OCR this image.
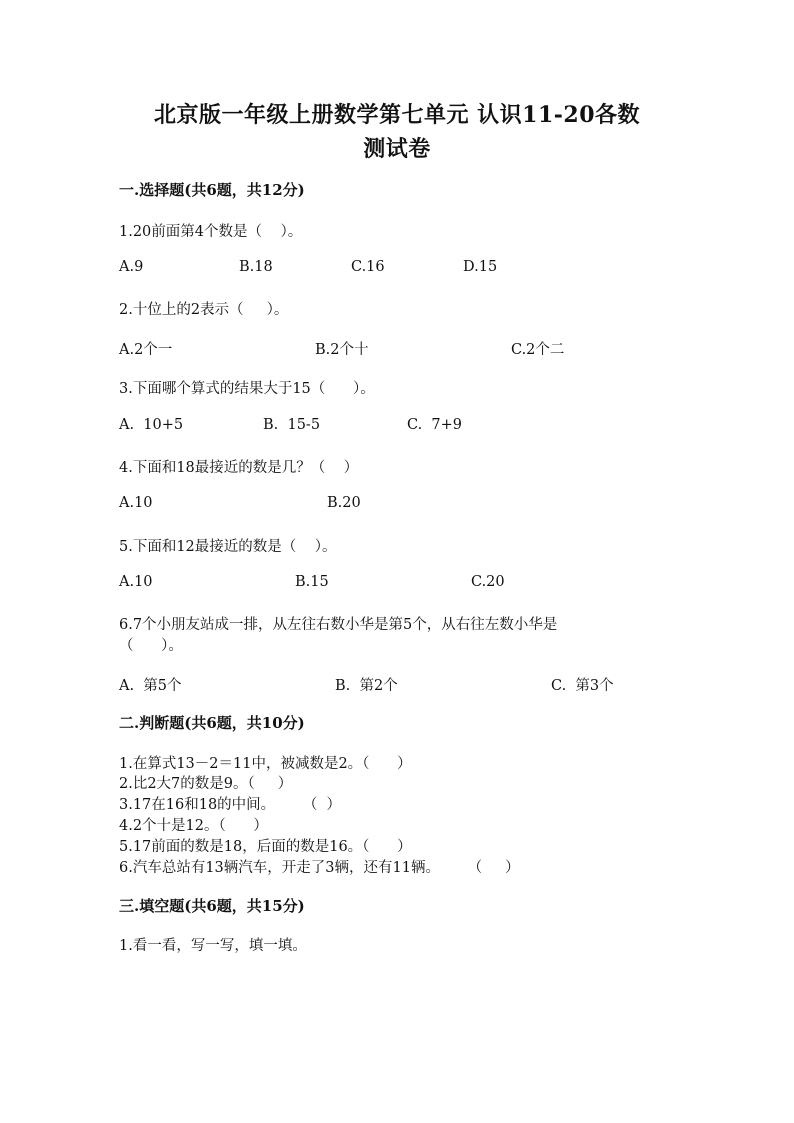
北京版一年级上册数学第七单元 认识11-20各数
测试卷
一.选择题(共6题，共12分)
1.20前面第4个数是（    ）。
A.9	B.18	C.16	D.15
2.十位上的2表示（     ）。
A.2个一	B.2个十	C.2个二
3.下面哪个算式的结果大于15（      ）。
A.  10+5	B.  15-5	C.  7+9
4.下面和18最接近的数是几？（    ）
A.10	B.20
5.下面和12最接近的数是（    ）。
A.10	B.15	C.20
6.7个小朋友站成一排，从左往右数小华是第5个，从右往左数小华是
（      ）。
A.  第5个	B.  第2个	C.  第3个
二.判断题(共6题，共10分)
1.在算式13－2＝11中，被减数是2。（      ）
2.比2大7的数是9。（     ）
3.17在16和18的中间。      （  ）
4.2个十是12。（      ）
5.17前面的数是18，后面的数是16。（      ）
6.汽车总站有13辆汽车，开走了3辆，还有11辆。      （     ）
三.填空题(共6题，共15分)
1.看一看，写一写，填一填。
